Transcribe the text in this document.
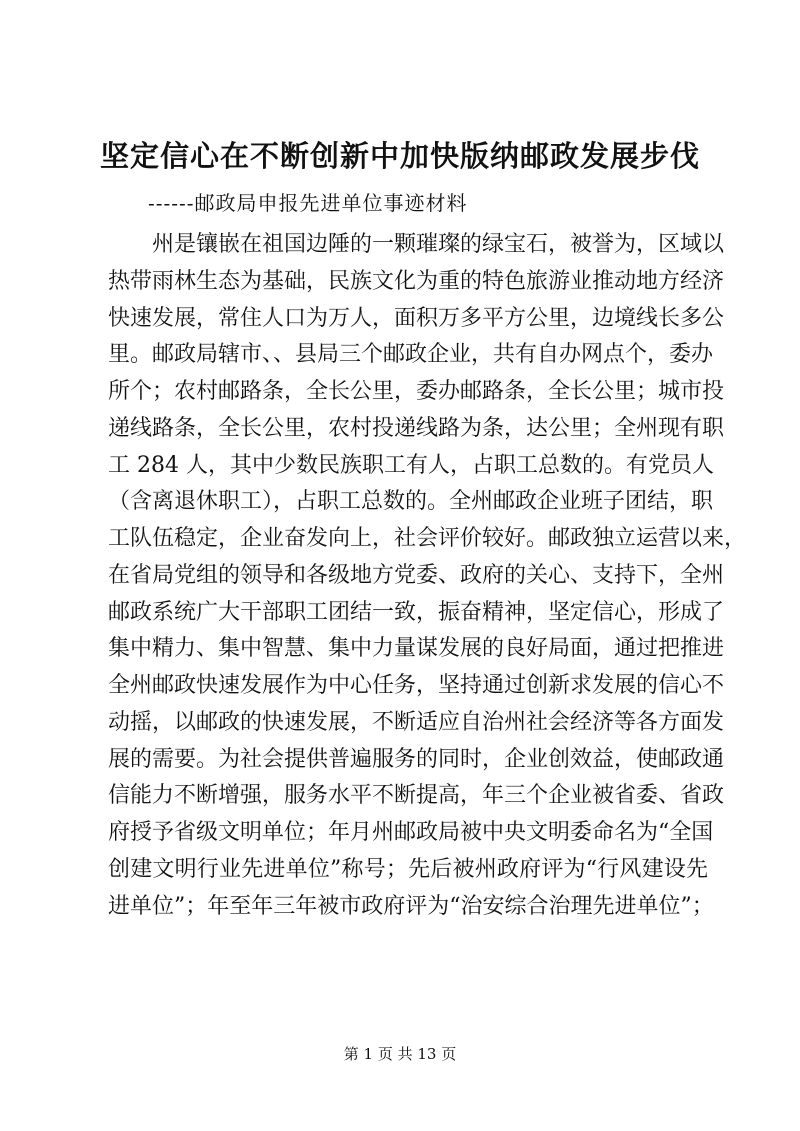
坚定信心在不断创新中加快版纳邮政发展步伐
------邮政局申报先进单位事迹材料
州是镶嵌在祖国边陲的一颗璀璨的绿宝石，被誉为，区域以
热带雨林生态为基础，民族文化为重的特色旅游业推动地方经济
快速发展，常住人口为万人，面积万多平方公里，边境线长多公
里。邮政局辖市、、县局三个邮政企业，共有自办网点个，委办
所个；农村邮路条，全长公里，委办邮路条，全长公里；城市投
递线路条，全长公里，农村投递线路为条，达公里；全州现有职
工 284 人，其中少数民族职工有人，占职工总数的。有党员人
（含离退休职工），占职工总数的。全州邮政企业班子团结，职
工队伍稳定，企业奋发向上，社会评价较好。邮政独立运营以来，
在省局党组的领导和各级地方党委、政府的关心、支持下，全州
邮政系统广大干部职工团结一致，振奋精神，坚定信心，形成了
集中精力、集中智慧、集中力量谋发展的良好局面，通过把推进
全州邮政快速发展作为中心任务，坚持通过创新求发展的信心不
动摇，以邮政的快速发展，不断适应自治州社会经济等各方面发
展的需要。为社会提供普遍服务的同时，企业创效益，使邮政通
信能力不断增强，服务水平不断提高，年三个企业被省委、省政
府授予省级文明单位；年月州邮政局被中央文明委命名为“全国
创建文明行业先进单位”称号；先后被州政府评为“行风建设先
进单位”；年至年三年被市政府评为“治安综合治理先进单位”；
第 1 页 共 13 页
